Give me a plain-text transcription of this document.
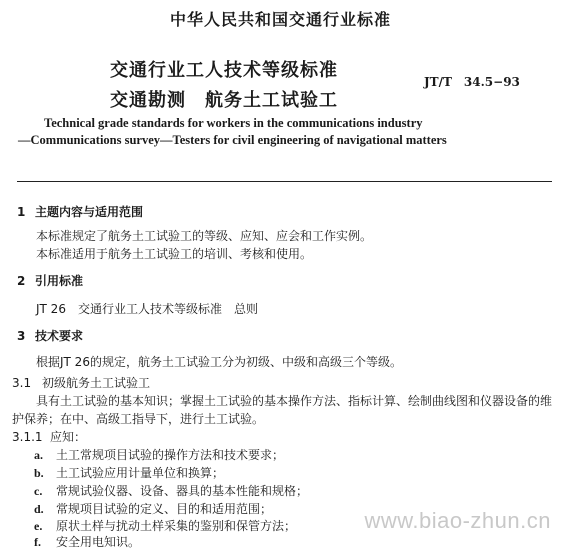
中华人民共和国交通行业标准
交通行业工人技术等级标准
交通勘测　航务土工试验工
JT/T　34.5−93
Technical grade standards for workers in the communications industry
—Communications survey—Testers for civil engineering of navigational matters
1 主题内容与适用范围
本标准规定了航务土工试验工的等级、应知、应会和工作实例。
本标准适用于航务土工试验工的培训、考核和使用。
2 引用标准
JT 26　交通行业工人技术等级标准　总则
3 技术要求
根据JT 26的规定，航务土工试验工分为初级、中级和高级三个等级。
3.1 初级航务土工试验工
具有土工试验的基本知识；掌握土工试验的基本操作方法、指标计算、绘制曲线图和仪器设备的维
护保养；在中、高级工指导下，进行土工试验。
3.1.1 应知：
a. 土工常规项目试验的操作方法和技术要求；
b. 土工试验应用计量单位和换算；
c. 常规试验仪器、设备、器具的基本性能和规格；
d. 常规项目试验的定义、目的和适用范围；
e. 原状土样与扰动土样采集的鉴别和保管方法；
f. 安全用电知识。
www.biao-zhun.cn
